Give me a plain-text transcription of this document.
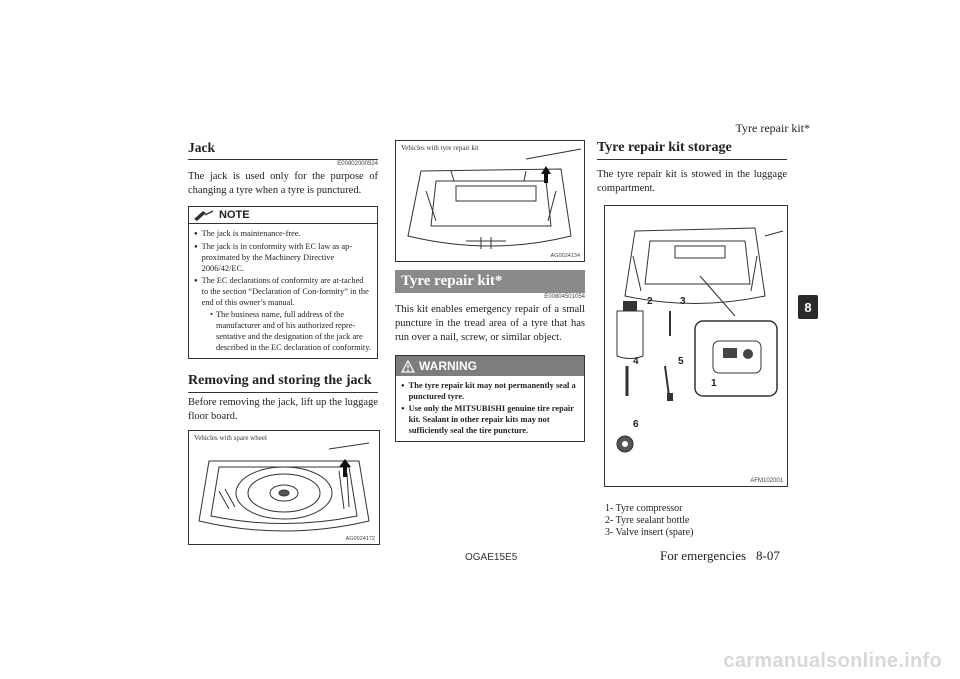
Tyre repair kit*
8
OGAE15E5	For emergencies 8-07
carmanualsonline.info
Jack
E00802000524

The jack is used only for the purpose of changing a tyre when a tyre is punctured.

NOTE
● The jack is maintenance-free.
● The jack is in conformity with EC law as ap-proximated by the Machinery Directive 2006/42/EC.
● The EC declarations of conformity are at-tached to the section “Declaration of Con-formity” in the end of this owner’s manual.
• The business name, full address of the manufacturer and of his authorized repre-sentative and the designation of the jack are described in the EC declaration of conformity.
Removing and storing the jack

Before removing the jack, lift up the luggage floor board.

Vehicles with spare wheel
AG0024172
Vehicles with tyre repair kit
AG0024134
Tyre repair kit*
E00804501054

This kit enables emergency repair of a small puncture in the tread area of a tyre that has run over a nail, screw, or similar object.

WARNING
● The tyre repair kit may not permanently seal a punctured tyre.
● Use only the MITSUBISHI genuine tire repair kit. Sealant in other repair kits may not sufficiently seal the tire puncture.
Tyre repair kit storage

The tyre repair kit is stowed in the luggage compartment.

2	3
4	5
1
6
AFM102001
1- Tyre compressor
2- Tyre sealant bottle
3- Valve insert (spare)
